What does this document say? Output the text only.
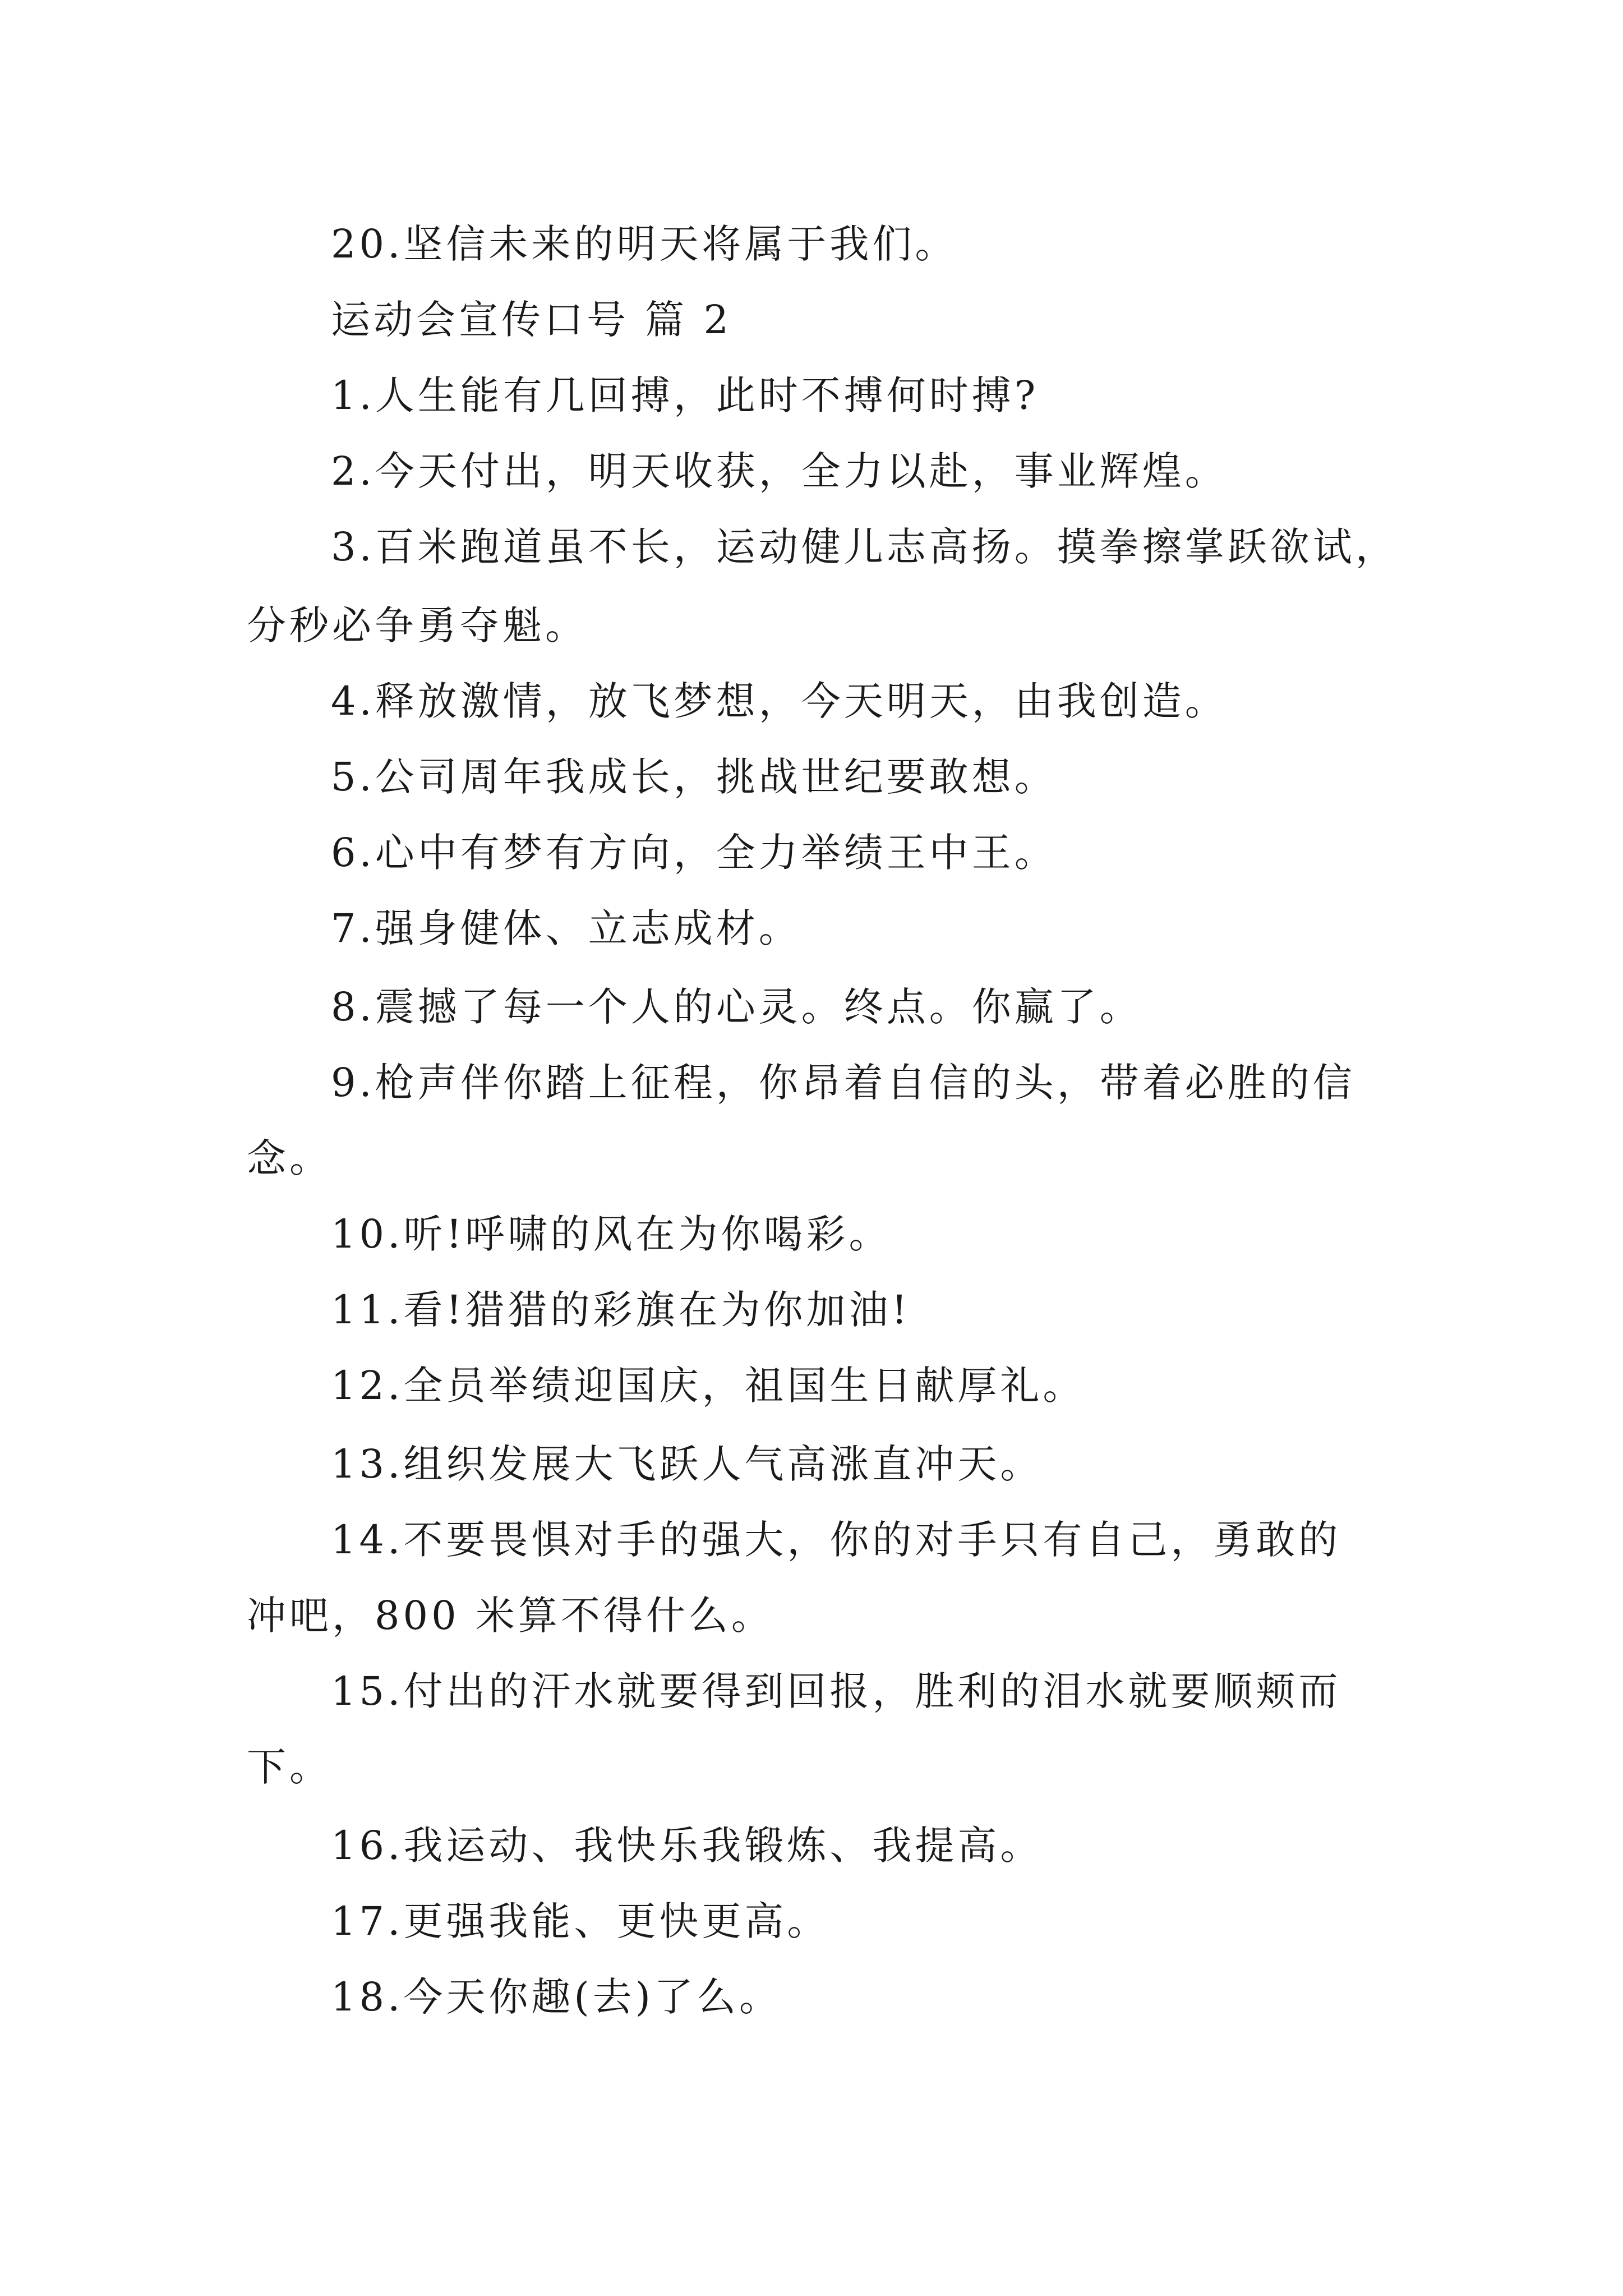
20.坚信未来的明天将属于我们。

运动会宣传口号 篇 2

1.人生能有几回搏，此时不搏何时搏?

2.今天付出，明天收获，全力以赴，事业辉煌。

3.百米跑道虽不长，运动健儿志高扬。摸拳擦掌跃欲试，

分秒必争勇夺魁。

4.释放激情，放飞梦想，今天明天，由我创造。

5.公司周年我成长，挑战世纪要敢想。

6.心中有梦有方向，全力举绩王中王。

7.强身健体、立志成材。

8.震撼了每一个人的心灵。终点。你赢了。

9.枪声伴你踏上征程，你昂着自信的头，带着必胜的信

念。

10.听!呼啸的风在为你喝彩。

11.看!猎猎的彩旗在为你加油!

12.全员举绩迎国庆，祖国生日献厚礼。

13.组织发展大飞跃人气高涨直冲天。

14.不要畏惧对手的强大，你的对手只有自己，勇敢的

冲吧，800 米算不得什么。

15.付出的汗水就要得到回报，胜利的泪水就要顺颊而

下。

16.我运动、我快乐我锻炼、我提高。

17.更强我能、更快更高。

18.今天你趣(去)了么。
